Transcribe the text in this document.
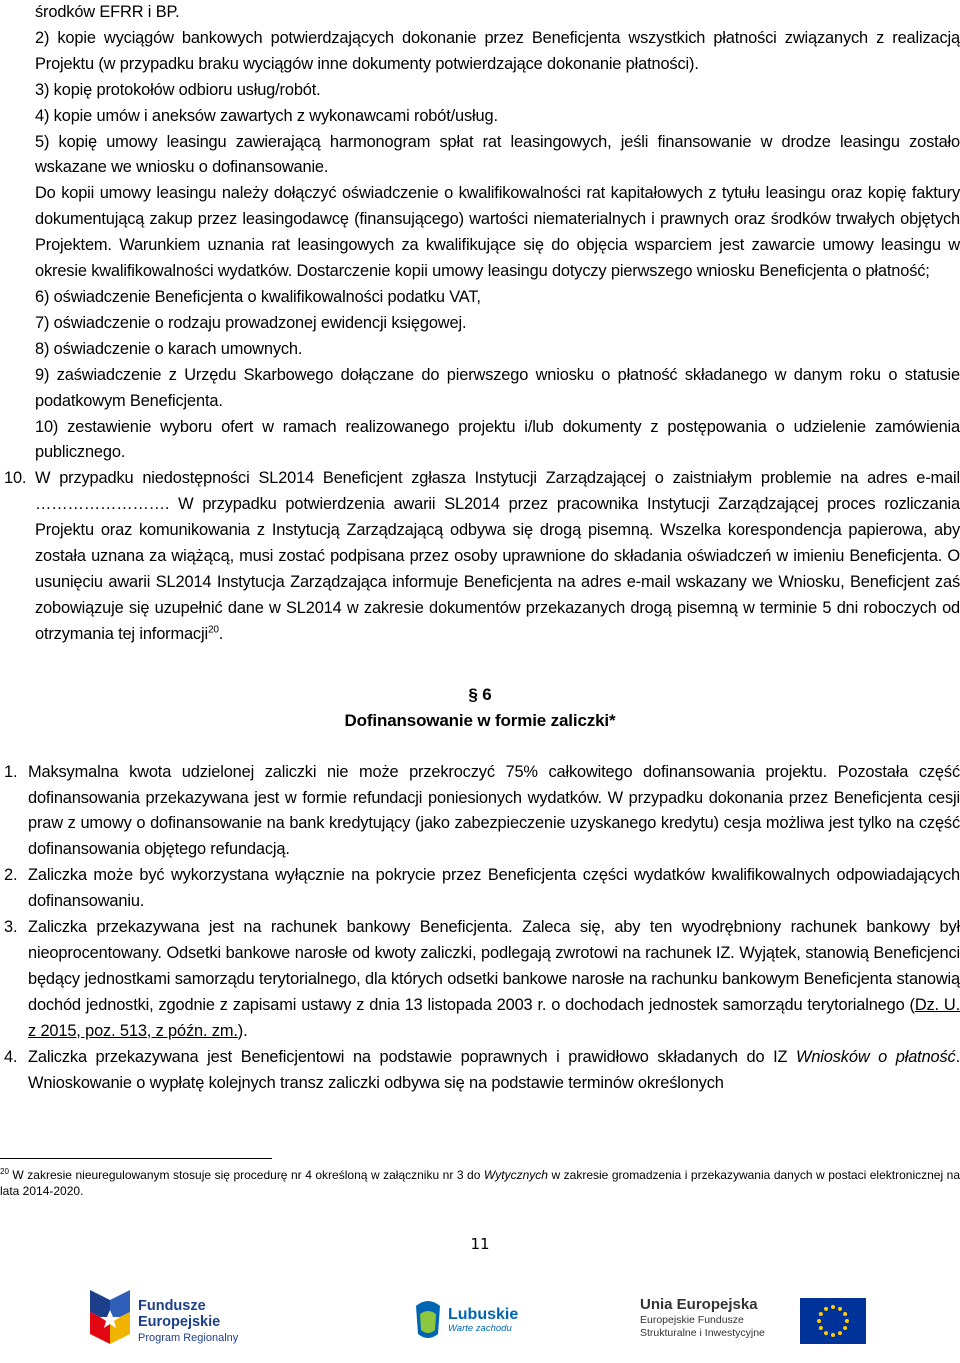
środków EFRR i BP.

2) kopie wyciągów bankowych potwierdzających dokonanie przez Beneficjenta wszystkich płatności związanych z realizacją Projektu (w przypadku braku wyciągów inne dokumenty potwierdzające dokonanie płatności).

3) kopię protokołów odbioru usług/robót.

4) kopie umów i aneksów zawartych z wykonawcami robót/usług.

5) kopię umowy leasingu zawierającą harmonogram spłat rat leasingowych, jeśli finansowanie w drodze leasingu zostało wskazane we wniosku o dofinansowanie.

Do kopii umowy leasingu należy dołączyć oświadczenie o kwalifikowalności rat kapitałowych z tytułu leasingu oraz kopię faktury dokumentującą zakup przez leasingodawcę (finansującego) wartości niematerialnych i prawnych oraz środków trwałych objętych Projektem. Warunkiem uznania rat leasingowych za kwalifikujące się do objęcia wsparciem jest zawarcie umowy leasingu w okresie kwalifikowalności wydatków. Dostarczenie kopii umowy leasingu dotyczy pierwszego wniosku Beneficjenta o płatność;

6) oświadczenie Beneficjenta o kwalifikowalności podatku VAT,

7) oświadczenie o rodzaju prowadzonej ewidencji księgowej.

8) oświadczenie o karach umownych.

9) zaświadczenie z Urzędu Skarbowego dołączane do pierwszego wniosku o płatność składanego w danym roku o statusie podatkowym Beneficjenta.

10) zestawienie wyboru ofert w ramach realizowanego projektu i/lub dokumenty z postępowania o udzielenie zamówienia publicznego.

10. W przypadku niedostępności SL2014 Beneficjent zgłasza Instytucji Zarządzającej o zaistniałym problemie na adres e-mail ……………………. W przypadku potwierdzenia awarii SL2014 przez pracownika Instytucji Zarządzającej proces rozliczania Projektu oraz komunikowania z Instytucją Zarządzającą odbywa się drogą pisemną. Wszelka korespondencja papierowa, aby została uznana za wiążącą, musi zostać podpisana przez osoby uprawnione do składania oświadczeń w imieniu Beneficjenta. O usunięciu awarii SL2014 Instytucja Zarządzająca informuje Beneficjenta na adres e-mail wskazany we Wniosku, Beneficjent zaś zobowiązuje się uzupełnić dane w SL2014 w zakresie dokumentów przekazanych drogą pisemną w terminie 5 dni roboczych od otrzymania tej informacji$^{20}$.

§ 6
Dofinansowanie w formie zaliczki*
1. Maksymalna kwota udzielonej zaliczki nie może przekroczyć 75% całkowitego dofinansowania projektu. Pozostała część dofinansowania przekazywana jest w formie refundacji poniesionych wydatków. W przypadku dokonania przez Beneficjenta cesji praw z umowy o dofinansowanie na bank kredytujący (jako zabezpieczenie uzyskanego kredytu) cesja możliwa jest tylko na część dofinansowania objętego refundacją.

2. Zaliczka może być wykorzystana wyłącznie na pokrycie przez Beneficjenta części wydatków kwalifikowalnych odpowiadających dofinansowaniu.

3. Zaliczka przekazywana jest na rachunek bankowy Beneficjenta. Zaleca się, aby ten wyodrębniony rachunek bankowy był nieoprocentowany. Odsetki bankowe narosłe od kwoty zaliczki, podlegają zwrotowi na rachunek IZ. Wyjątek, stanowią Beneficjenci będący jednostkami samorządu terytorialnego, dla których odsetki bankowe narosłe na rachunku bankowym Beneficjenta stanowią dochód jednostki, zgodnie z zapisami ustawy z dnia 13 listopada 2003 r. o dochodach jednostek samorządu terytorialnego (Dz. U. z 2015, poz. 513, z późn. zm.).

4. Zaliczka przekazywana jest Beneficjentowi na podstawie poprawnych i prawidłowo składanych do IZ Wniosków o płatność. Wnioskowanie o wypłatę kolejnych transz zaliczki odbywa się na podstawie terminów określonych

$^{20}$ W zakresie nieuregulowanym stosuje się procedurę nr 4 określoną w załączniku nr 3 do Wytycznych w zakresie gromadzenia i przekazywania danych w postaci elektronicznej na lata 2014-2020.
11
Fundusze
Europejskie
Program Regionalny
Lubuskie
Warte zachodu
Unia Europejska
Europejskie Fundusze
Strukturalne i Inwestycyjne
